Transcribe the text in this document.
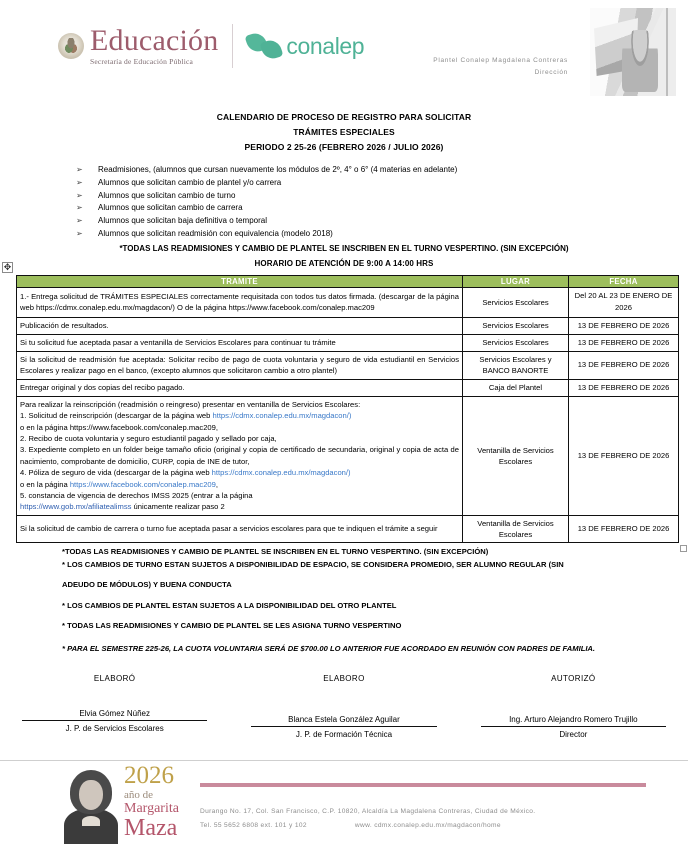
Educación
Secretaría de Educación Pública
conalep
Plantel Conalep Magdalena Contreras
Dirección
CALENDARIO DE PROCESO DE REGISTRO PARA SOLICITAR
TRÁMITES ESPECIALES
PERIODO 2 25-26 (FEBRERO 2026 / JULIO 2026)
➢	Readmisiones, (alumnos que cursan nuevamente los módulos de 2º, 4° o 6° (4 materias en adelante)
➢	Alumnos que solicitan cambio de plantel y/o carrera
➢	Alumnos que solicitan cambio de turno
➢	Alumnos que solicitan cambio de carrera
➢	Alumnos que solicitan baja definitiva o temporal
➢	Alumnos que solicitan readmisión con equivalencia (modelo 2018)
*TODAS LAS READMISIONES Y CAMBIO DE PLANTEL SE INSCRIBEN EN EL TURNO VESPERTINO. (SIN EXCEPCIÓN)
HORARIO DE ATENCIÓN DE 9:00 A 14:00 HRS
✥
TRAMITE	LUGAR	FECHA
1.- Entrega solicitud de TRÁMITES ESPECIALES correctamente requisitada con todos tus datos firmada. (descargar de la página web https://cdmx.conalep.edu.mx/magdacon/) O de la página https://www.facebook.com/conalep.mac209	Servicios Escolares	Del 20 AL 23 DE ENERO DE 2026
Publicación de resultados.	Servicios Escolares	13 DE FEBRERO DE 2026
Si tu solicitud fue aceptada pasar a ventanilla de Servicios Escolares para continuar tu trámite	Servicios Escolares	13 DE FEBRERO DE 2026
Si la solicitud de readmisión fue aceptada: Solicitar recibo de pago de cuota voluntaria y seguro de vida estudiantil en Servicios Escolares y realizar pago en el banco, (excepto alumnos que solicitaron cambio a otro plantel)	Servicios Escolares y BANCO BANORTE	13 DE FEBRERO DE 2026
Entregar original y dos copias del recibo pagado.	Caja del Plantel	13 DE FEBRERO DE 2026
Para realizar la reinscripción (readmisión o reingreso) presentar en ventanilla de Servicios Escolares:
1. Solicitud de reinscripción (descargar de la página web https://cdmx.conalep.edu.mx/magdacon/)
o en la página https://www.facebook.com/conalep.mac209,
2. Recibo de cuota voluntaria y seguro estudiantil pagado y sellado por caja,
3. Expediente completo en un folder beige tamaño oficio (original y copia de certificado de secundaria, original y copia de acta de nacimiento, comprobante de domicilio, CURP, copia de INE de tutor,
4. Póliza de seguro de vida (descargar de la página web https://cdmx.conalep.edu.mx/magdacon/)
o en la página https://www.facebook.com/conalep.mac209,
5. constancia de vigencia de derechos IMSS 2025 (entrar a la página
https://www.gob.mx/afiliatealimss únicamente realizar paso 2	Ventanilla de Servicios Escolares	13 DE FEBRERO DE 2026
Si la solicitud de cambio de carrera o turno fue aceptada pasar a servicios escolares para que te indiquen el trámite a seguir	Ventanilla de Servicios Escolares	13 DE FEBRERO DE 2026
*TODAS LAS READMISIONES Y CAMBIO DE PLANTEL SE INSCRIBEN EN EL TURNO VESPERTINO. (SIN EXCEPCIÓN)
* LOS CAMBIOS DE TURNO ESTAN SUJETOS A DISPONIBILIDAD DE ESPACIO, SE CONSIDERA PROMEDIO, SER ALUMNO REGULAR (SIN
ADEUDO DE MÓDULOS) Y BUENA CONDUCTA
* LOS CAMBIOS DE PLANTEL ESTAN SUJETOS A LA DISPONIBILIDAD DEL OTRO PLANTEL
* TODAS LAS READMISIONES Y CAMBIO DE PLANTEL SE LES ASIGNA TURNO VESPERTINO
* PARA EL SEMESTRE 225-26, LA CUOTA VOLUNTARIA SERÁ DE $700.00 LO ANTERIOR FUE ACORDADO EN REUNIÓN CON PADRES DE FAMILIA.
ELABORÓ
Elvia Gómez Núñez
J. P. de Servicios Escolares
ELABORO
Blanca Estela González Aguilar
J. P. de Formación Técnica
AUTORIZÓ
Ing. Arturo Alejandro Romero Trujillo
Director
2026
año de
Margarita
Maza
Durango No. 17, Col. San Francisco, C.P. 10820, Alcaldía La Magdalena Contreras, Ciudad de México.
Tel. 55 5652 6808 ext. 101 y 102	www. cdmx.conalep.edu.mx/magdacon/home
